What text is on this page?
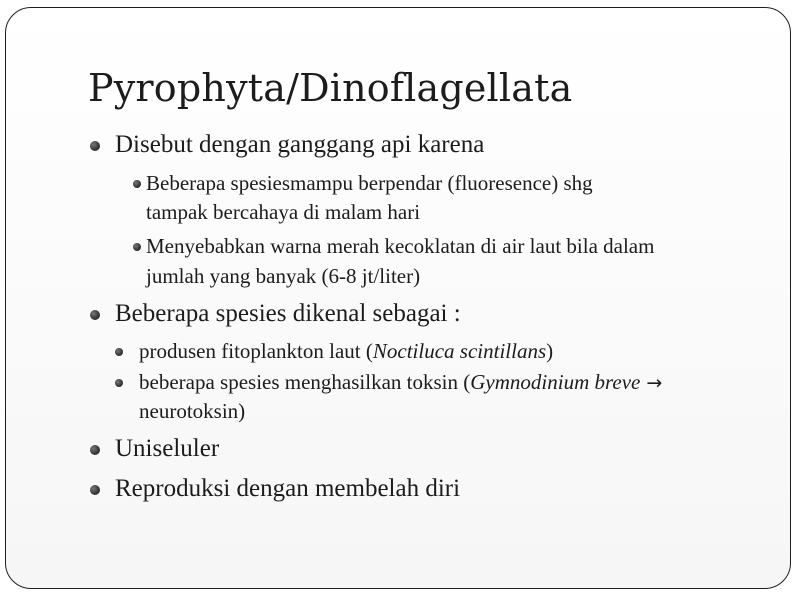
Pyrophyta/Dinoflagellata

Disebut dengan ganggang api karena

Beberapa spesiesmampu berpendar (fluoresence) shg

tampak bercahaya di malam hari

Menyebabkan warna merah kecoklatan di air laut bila dalam

jumlah yang banyak (6-8 jt/liter)

Beberapa spesies dikenal sebagai :

produsen fitoplankton laut (Noctiluca scintillans)

beberapa spesies menghasilkan toksin (Gymnodinium breve →

neurotoksin)

Uniseluler

Reproduksi dengan membelah diri
